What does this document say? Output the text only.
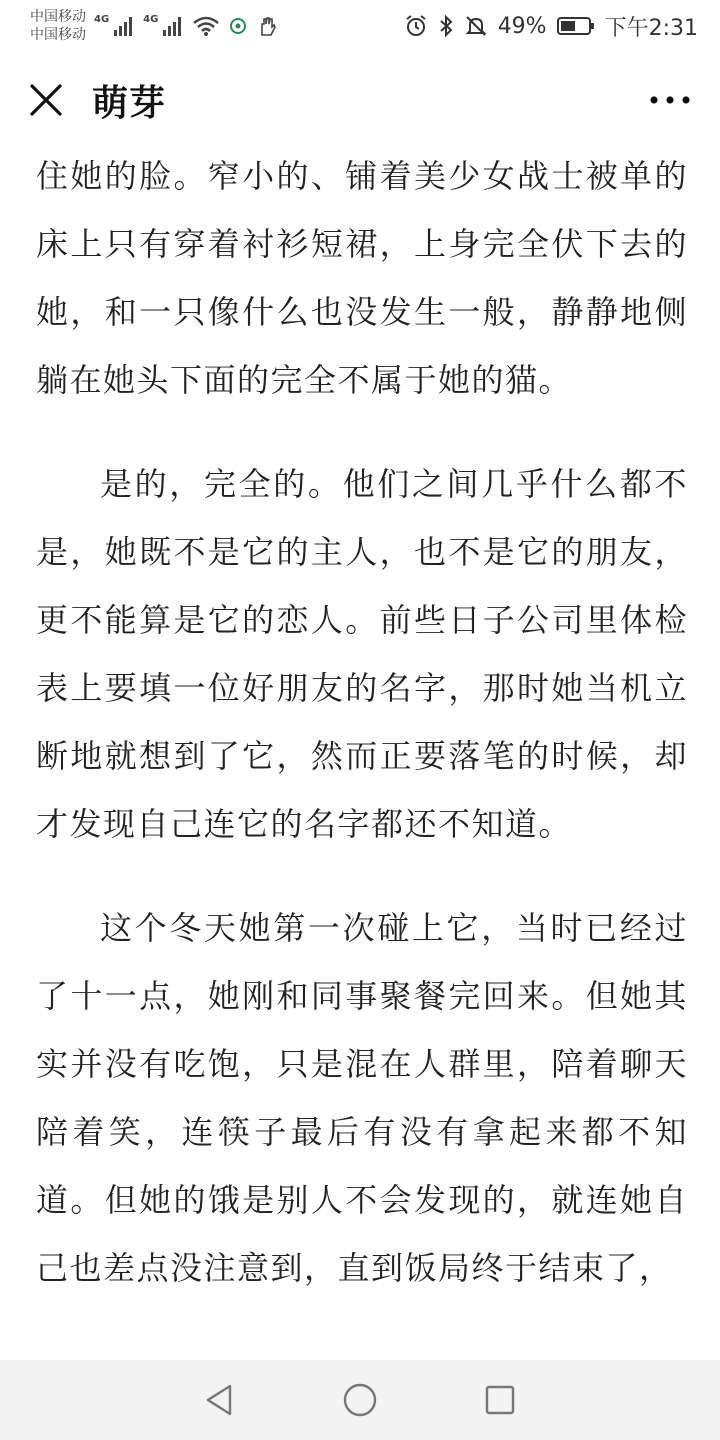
中国移动
中国移动
4G	4G	49%	下午2:31
萌芽

住她的脸。窄小的、铺着美少女战士被单的床上只有穿着衬衫短裙，上身完全伏下去的她，和一只像什么也没发生一般，静静地侧躺在她头下面的完全不属于她的猫。

是的，完全的。他们之间几乎什么都不是，她既不是它的主人，也不是它的朋友，更不能算是它的恋人。前些日子公司里体检表上要填一位好朋友的名字，那时她当机立断地就想到了它，然而正要落笔的时候，却才发现自己连它的名字都还不知道。

这个冬天她第一次碰上它，当时已经过了十一点，她刚和同事聚餐完回来。但她其实并没有吃饱，只是混在人群里，陪着聊天陪着笑，连筷子最后有没有拿起来都不知道。但她的饿是别人不会发现的，就连她自己也差点没注意到，直到饭局终于结束了，
